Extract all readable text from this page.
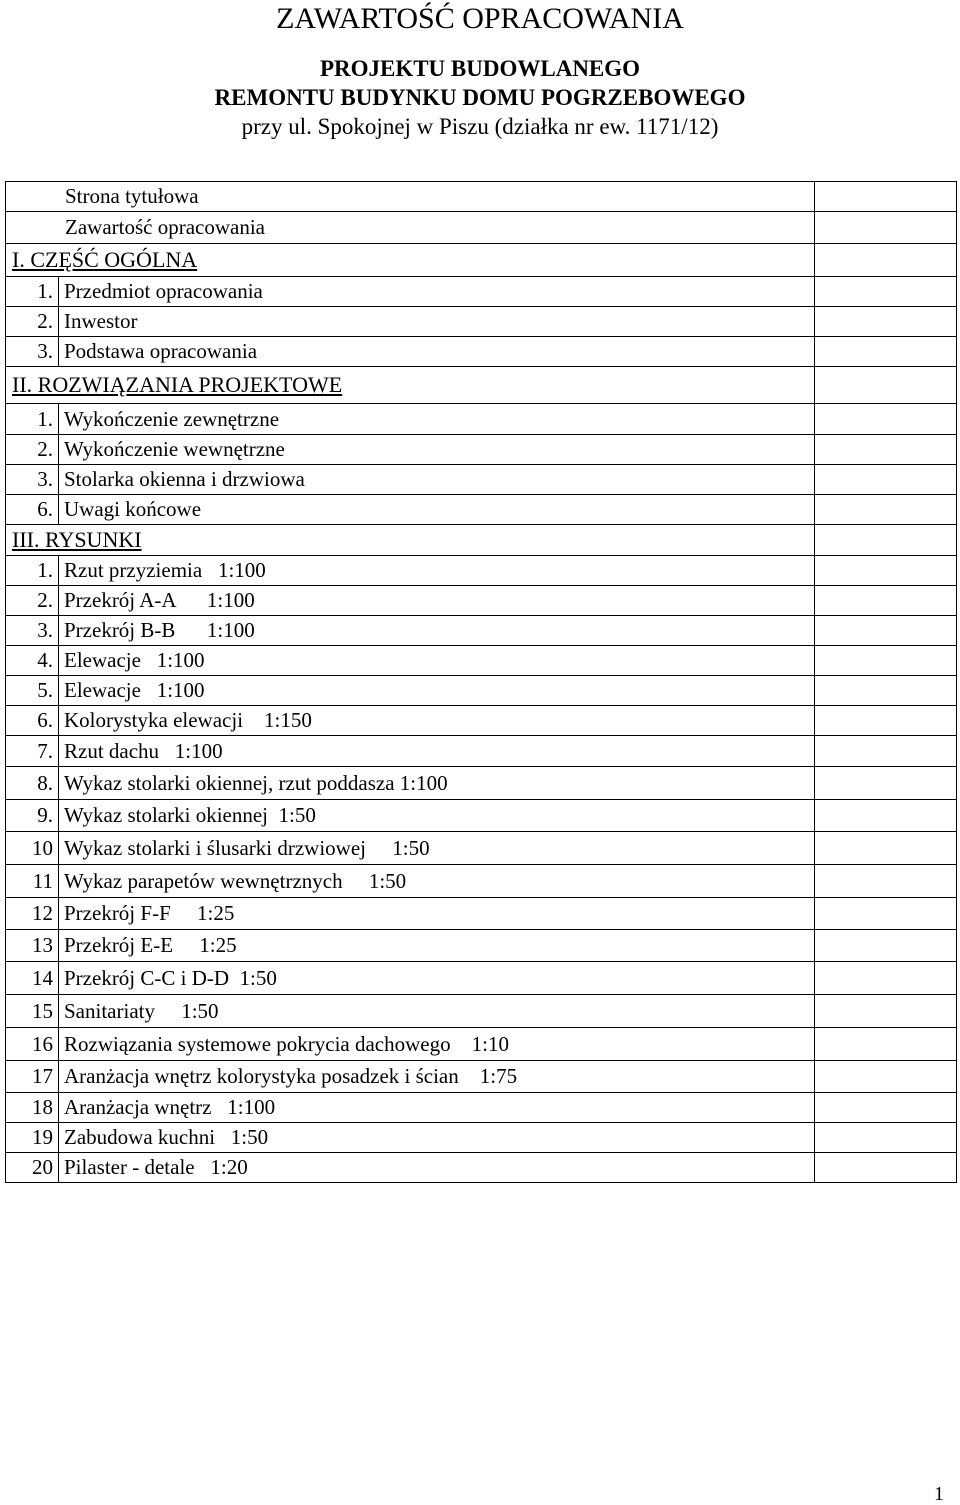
ZAWARTOŚĆ OPRACOWANIA
PROJEKTU BUDOWLANEGO
REMONTU BUDYNKU DOMU POGRZEBOWEGO
przy ul. Spokojnej w Piszu (działka nr ew. 1171/12)
Strona tytułowa		
Zawartość opracowania		
I. CZĘŚĆ OGÓLNA		
1.	Przedmiot opracowania	
2.	Inwestor	
3.	Podstawa opracowania	
II. ROZWIĄZANIA PROJEKTOWE		
1.	Wykończenie zewnętrzne	
2.	Wykończenie wewnętrzne	
3.	Stolarka okienna i drzwiowa	
6.	Uwagi końcowe	
III. RYSUNKI		
1.	Rzut przyziemia   1:100	
2.	Przekrój A-A      1:100	
3.	Przekrój B-B      1:100	
4.	Elewacje   1:100	
5.	Elewacje   1:100	
6.	Kolorystyka elewacji    1:150	
7.	Rzut dachu   1:100	
8.	Wykaz stolarki okiennej, rzut poddasza 1:100	
9.	Wykaz stolarki okiennej  1:50	
10	Wykaz stolarki i ślusarki drzwiowej     1:50	
11	Wykaz parapetów wewnętrznych     1:50	
12	Przekrój F-F     1:25	
13	Przekrój E-E     1:25	
14	Przekrój C-C i D-D  1:50	
15	Sanitariaty     1:50	
16	Rozwiązania systemowe pokrycia dachowego    1:10	
17	Aranżacja wnętrz kolorystyka posadzek i ścian    1:75	
18	Aranżacja wnętrz   1:100	
19	Zabudowa kuchni   1:50	
20	Pilaster - detale   1:20	
1
